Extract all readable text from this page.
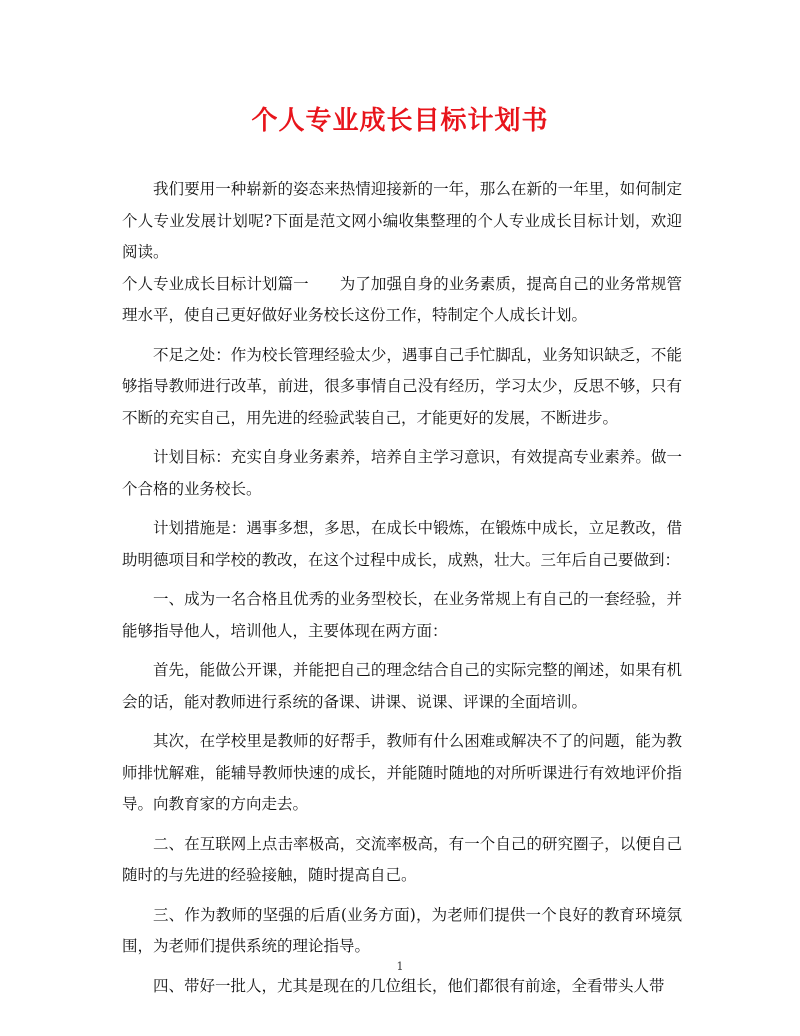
个人专业成长目标计划书

我们要用一种崭新的姿态来热情迎接新的一年，那么在新的一年里，如何制定个人专业发展计划呢?下面是范文网小编收集整理的个人专业成长目标计划，欢迎阅读。

个人专业成长目标计划篇一　　为了加强自身的业务素质，提高自己的业务常规管理水平，使自己更好做好业务校长这份工作，特制定个人成长计划。

不足之处：作为校长管理经验太少，遇事自己手忙脚乱，业务知识缺乏，不能够指导教师进行改革，前进，很多事情自己没有经历，学习太少，反思不够，只有不断的充实自己，用先进的经验武装自己，才能更好的发展，不断进步。

计划目标：充实自身业务素养，培养自主学习意识，有效提高专业素养。做一个合格的业务校长。

计划措施是：遇事多想，多思，在成长中锻炼，在锻炼中成长，立足教改，借助明德项目和学校的教改，在这个过程中成长，成熟，壮大。三年后自己要做到：

一、成为一名合格且优秀的业务型校长，在业务常规上有自己的一套经验，并能够指导他人，培训他人，主要体现在两方面：

首先，能做公开课，并能把自己的理念结合自己的实际完整的阐述，如果有机会的话，能对教师进行系统的备课、讲课、说课、评课的全面培训。

其次，在学校里是教师的好帮手，教师有什么困难或解决不了的问题，能为教师排忧解难，能辅导教师快速的成长，并能随时随地的对所听课进行有效地评价指导。向教育家的方向走去。

二、在互联网上点击率极高，交流率极高，有一个自己的研究圈子，以便自己随时的与先进的经验接触，随时提高自己。

三、作为教师的坚强的后盾(业务方面)，为老师们提供一个良好的教育环境氛围，为老师们提供系统的理论指导。

四、带好一批人，尤其是现在的几位组长，他们都很有前途，全看带头人带

1
